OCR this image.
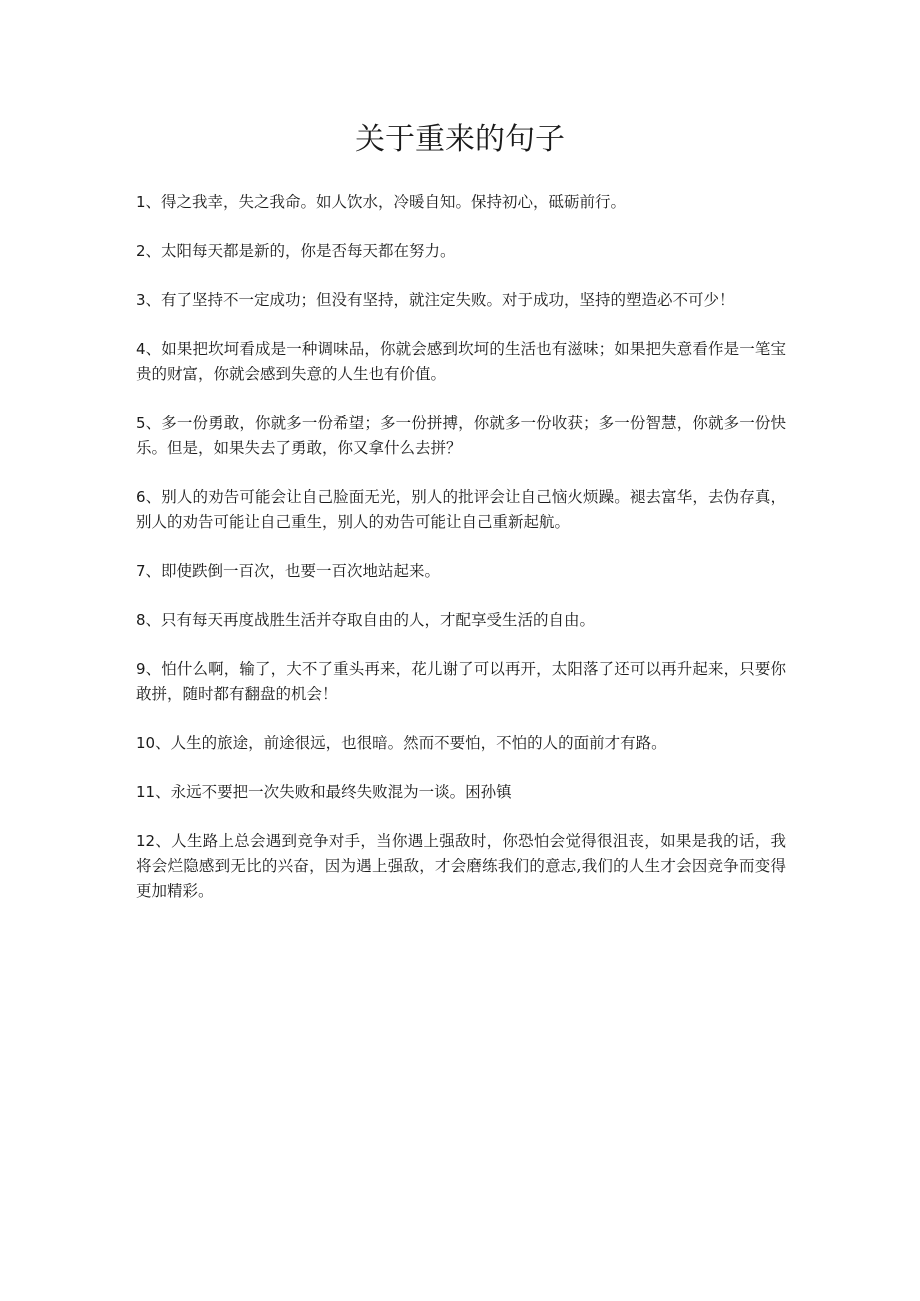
关于重来的句子
1、得之我幸，失之我命。如人饮水，冷暖自知。保持初心，砥砺前行。
2、太阳每天都是新的，你是否每天都在努力。
3、有了坚持不一定成功；但没有坚持，就注定失败。对于成功，坚持的塑造必不可少！
4、如果把坎坷看成是一种调味品，你就会感到坎坷的生活也有滋味；如果把失意看作是一笔宝贵的财富，你就会感到失意的人生也有价值。
5、多一份勇敢，你就多一份希望；多一份拼搏，你就多一份收获；多一份智慧，你就多一份快乐。但是，如果失去了勇敢，你又拿什么去拼？
6、别人的劝告可能会让自己脸面无光，别人的批评会让自己恼火烦躁。褪去富华，去伪存真，别人的劝告可能让自己重生，别人的劝告可能让自己重新起航。
7、即使跌倒一百次，也要一百次地站起来。
8、只有每天再度战胜生活并夺取自由的人，才配享受生活的自由。
9、怕什么啊，输了，大不了重头再来，花儿谢了可以再开，太阳落了还可以再升起来，只要你敢拼，随时都有翻盘的机会！
10、人生的旅途，前途很远，也很暗。然而不要怕，不怕的人的面前才有路。
11、永远不要把一次失败和最终失败混为一谈。困孙镇
12、人生路上总会遇到竞争对手，当你遇上强敌时，你恐怕会觉得很沮丧，如果是我的话，我将会烂隐感到无比的兴奋，因为遇上强敌，才会磨练我们的意志,我们的人生才会因竞争而变得更加精彩。
